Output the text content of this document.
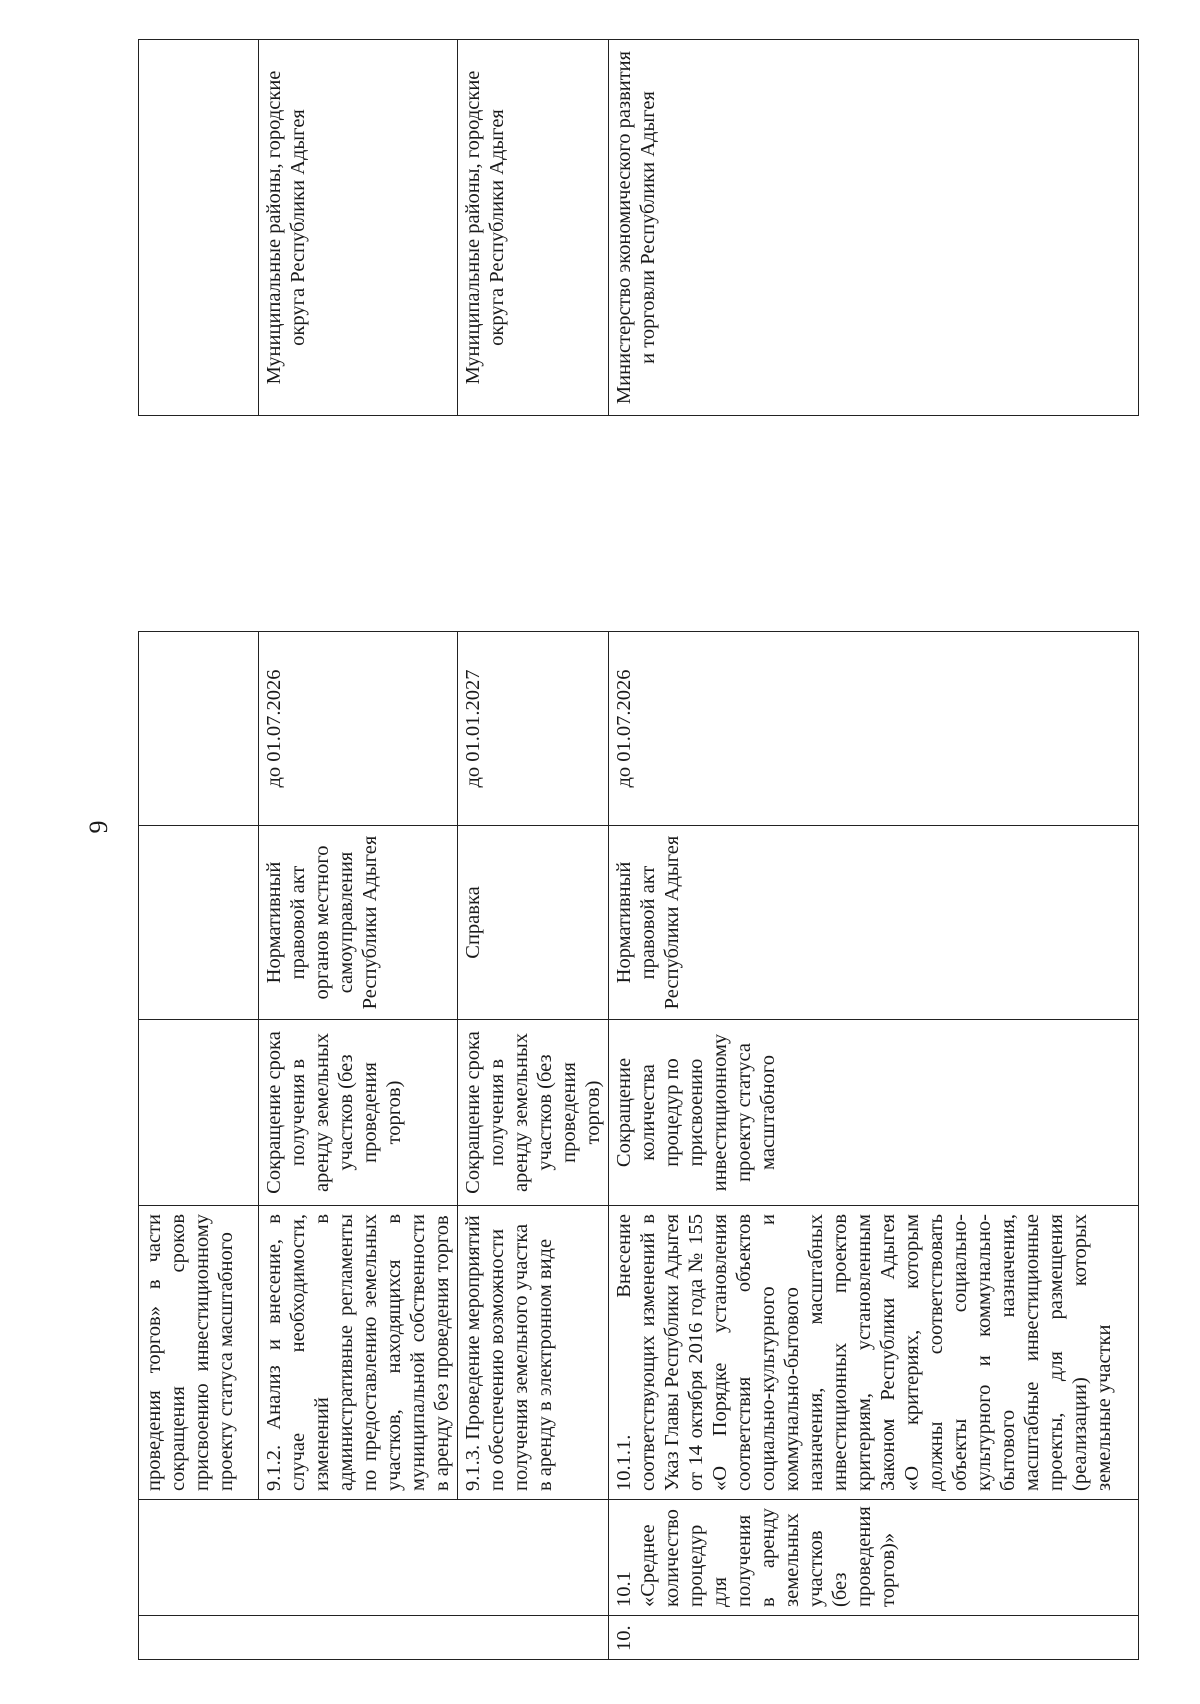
9
		проведения торгов» в части сокращения сроков присвоению инвестиционному проекту статуса масштабного					
		9.1.2. Анализ и внесение, в случае необходимости, изменений в административные регламенты по предоставлению земельных участков, находящихся в муниципальной собственности в аренду без проведения торгов	Сокращение срока получения в аренду земельных участков (без проведения торгов)	Нормативный правовой акт органов местного самоуправления Республики Адыгея	до 01.07.2026		Муниципальные районы, городские округа Республики Адыгея
		9.1.3. Проведение мероприятий по обеспечению возможности получения земельного участка в аренду в электронном виде	Сокращение срока получения в аренду земельных участков (без проведения торгов)	Справка	до 01.01.2027		Муниципальные районы, городские округа Республики Адыгея
10.	10.1 «Среднее количество процедур для получения в аренду земельных участков (без проведения торгов)»	10.1.1. Внесение соответствующих изменений в Указ Главы Республики Адыгея от 14 октября 2016 года № 155 «О Порядке установления соответствия объектов социально-культурного и коммунально-бытового назначения, масштабных инвестиционных проектов критериям, установленным Законом Республики Адыгея «О критериях, которым должны соответствовать объекты социально-культурного и коммунально-бытового назначения, масштабные инвестиционные проекты, для размещения (реализации) которых земельные участки	Сокращение количества процедур по присвоению инвестиционному проекту статуса масштабного	Нормативный правовой акт Республики Адыгея	до 01.07.2026		Министерство экономического развития и торговли Республики Адыгея
